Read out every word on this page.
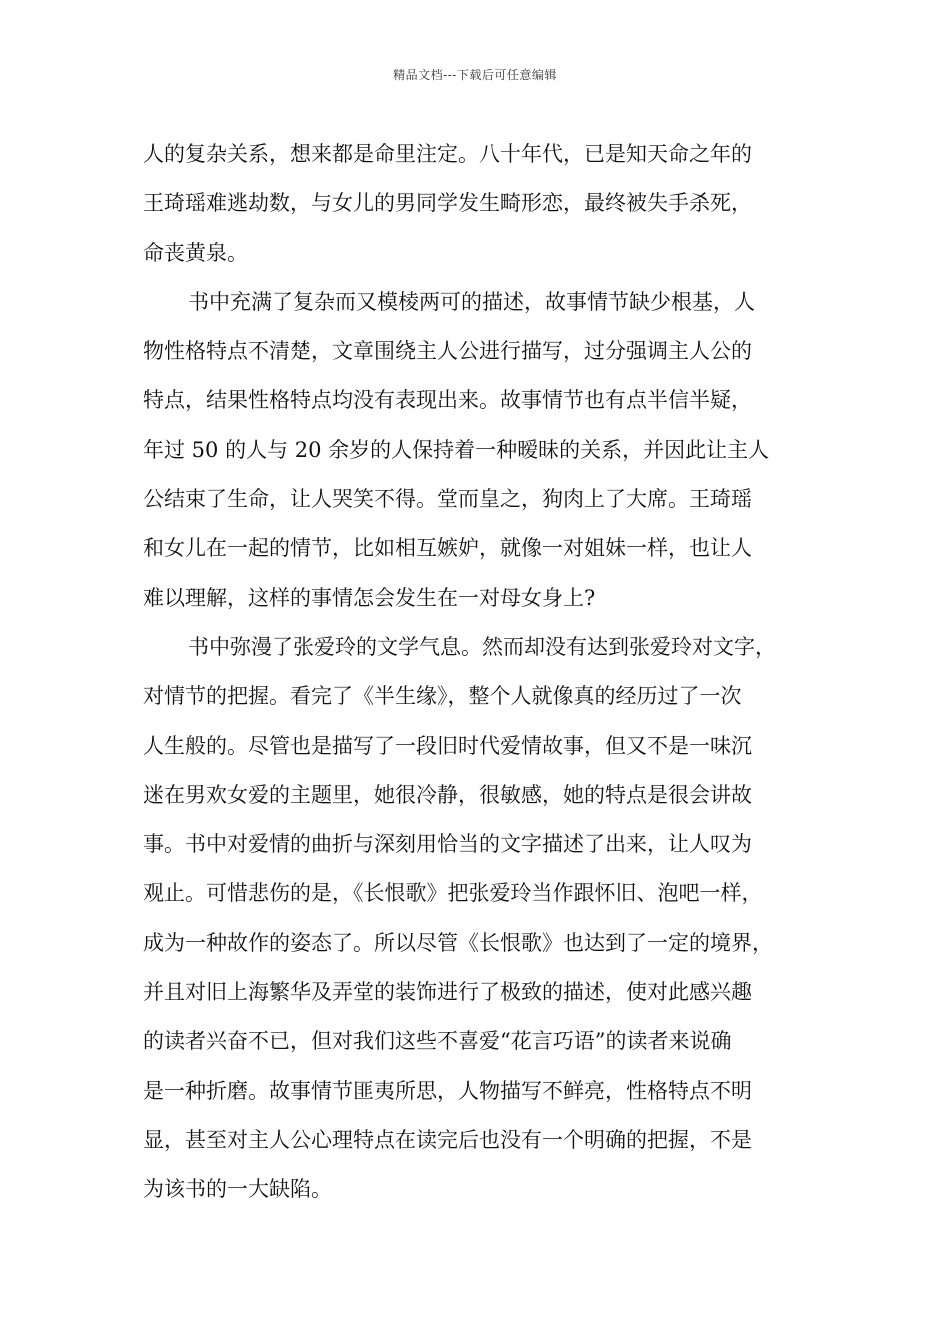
精品文档---下载后可任意编辑
人的复杂关系，想来都是命里注定。八十年代，已是知天命之年的
王琦瑶难逃劫数，与女儿的男同学发生畸形恋，最终被失手杀死，
命丧黄泉。
书中充满了复杂而又模棱两可的描述，故事情节缺少根基，人
物性格特点不清楚，文章围绕主人公进行描写，过分强调主人公的
特点，结果性格特点均没有表现出来。故事情节也有点半信半疑，
年过 50 的人与 20 余岁的人保持着一种暧昧的关系，并因此让主人
公结束了生命，让人哭笑不得。堂而皇之，狗肉上了大席。王琦瑶
和女儿在一起的情节，比如相互嫉妒，就像一对姐妹一样，也让人
难以理解，这样的事情怎会发生在一对母女身上?
书中弥漫了张爱玲的文学气息。然而却没有达到张爱玲对文字，
对情节的把握。看完了《半生缘》，整个人就像真的经历过了一次
人生般的。尽管也是描写了一段旧时代爱情故事，但又不是一味沉
迷在男欢女爱的主题里，她很冷静，很敏感，她的特点是很会讲故
事。书中对爱情的曲折与深刻用恰当的文字描述了出来，让人叹为
观止。可惜悲伤的是，《长恨歌》把张爱玲当作跟怀旧、泡吧一样，
成为一种故作的姿态了。所以尽管《长恨歌》也达到了一定的境界，
并且对旧上海繁华及弄堂的装饰进行了极致的描述，使对此感兴趣
的读者兴奋不已，但对我们这些不喜爱“花言巧语”的读者来说确
是一种折磨。故事情节匪夷所思，人物描写不鲜亮，性格特点不明
显，甚至对主人公心理特点在读完后也没有一个明确的把握，不是
为该书的一大缺陷。
